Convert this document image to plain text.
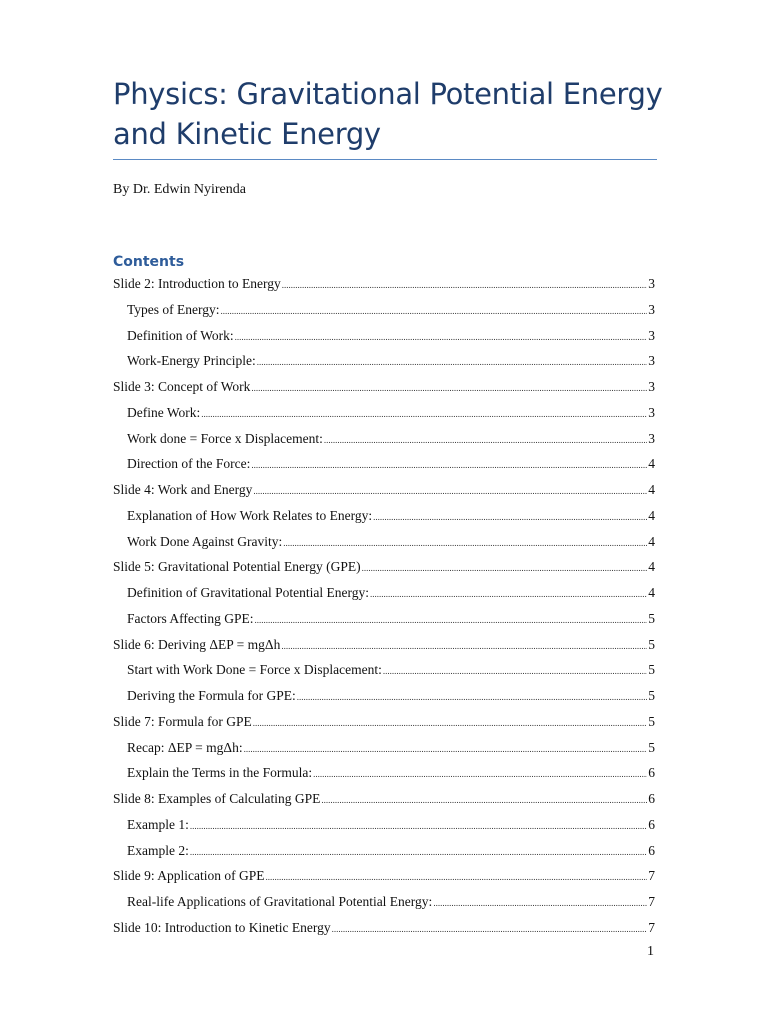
Physics: Gravitational Potential Energy and Kinetic Energy
By Dr. Edwin Nyirenda
Contents
Slide 2: Introduction to Energy .....	3
Types of Energy: .....	3
Definition of Work: .....	3
Work-Energy Principle: .....	3
Slide 3: Concept of Work .....	3
Define Work: .....	3
Work done = Force x Displacement: .....	3
Direction of the Force: .....	4
Slide 4: Work and Energy .....	4
Explanation of How Work Relates to Energy: .....	4
Work Done Against Gravity: .....	4
Slide 5: Gravitational Potential Energy (GPE) .....	4
Definition of Gravitational Potential Energy: .....	4
Factors Affecting GPE: .....	5
Slide 6: Deriving ΔEP = mgΔh .....	5
Start with Work Done = Force x Displacement: .....	5
Deriving the Formula for GPE: .....	5
Slide 7: Formula for GPE .....	5
Recap: ΔEP = mgΔh: .....	5
Explain the Terms in the Formula: .....	6
Slide 8: Examples of Calculating GPE .....	6
Example 1: .....	6
Example 2: .....	6
Slide 9: Application of GPE .....	7
Real-life Applications of Gravitational Potential Energy: .....	7
Slide 10: Introduction to Kinetic Energy .....	7
1
